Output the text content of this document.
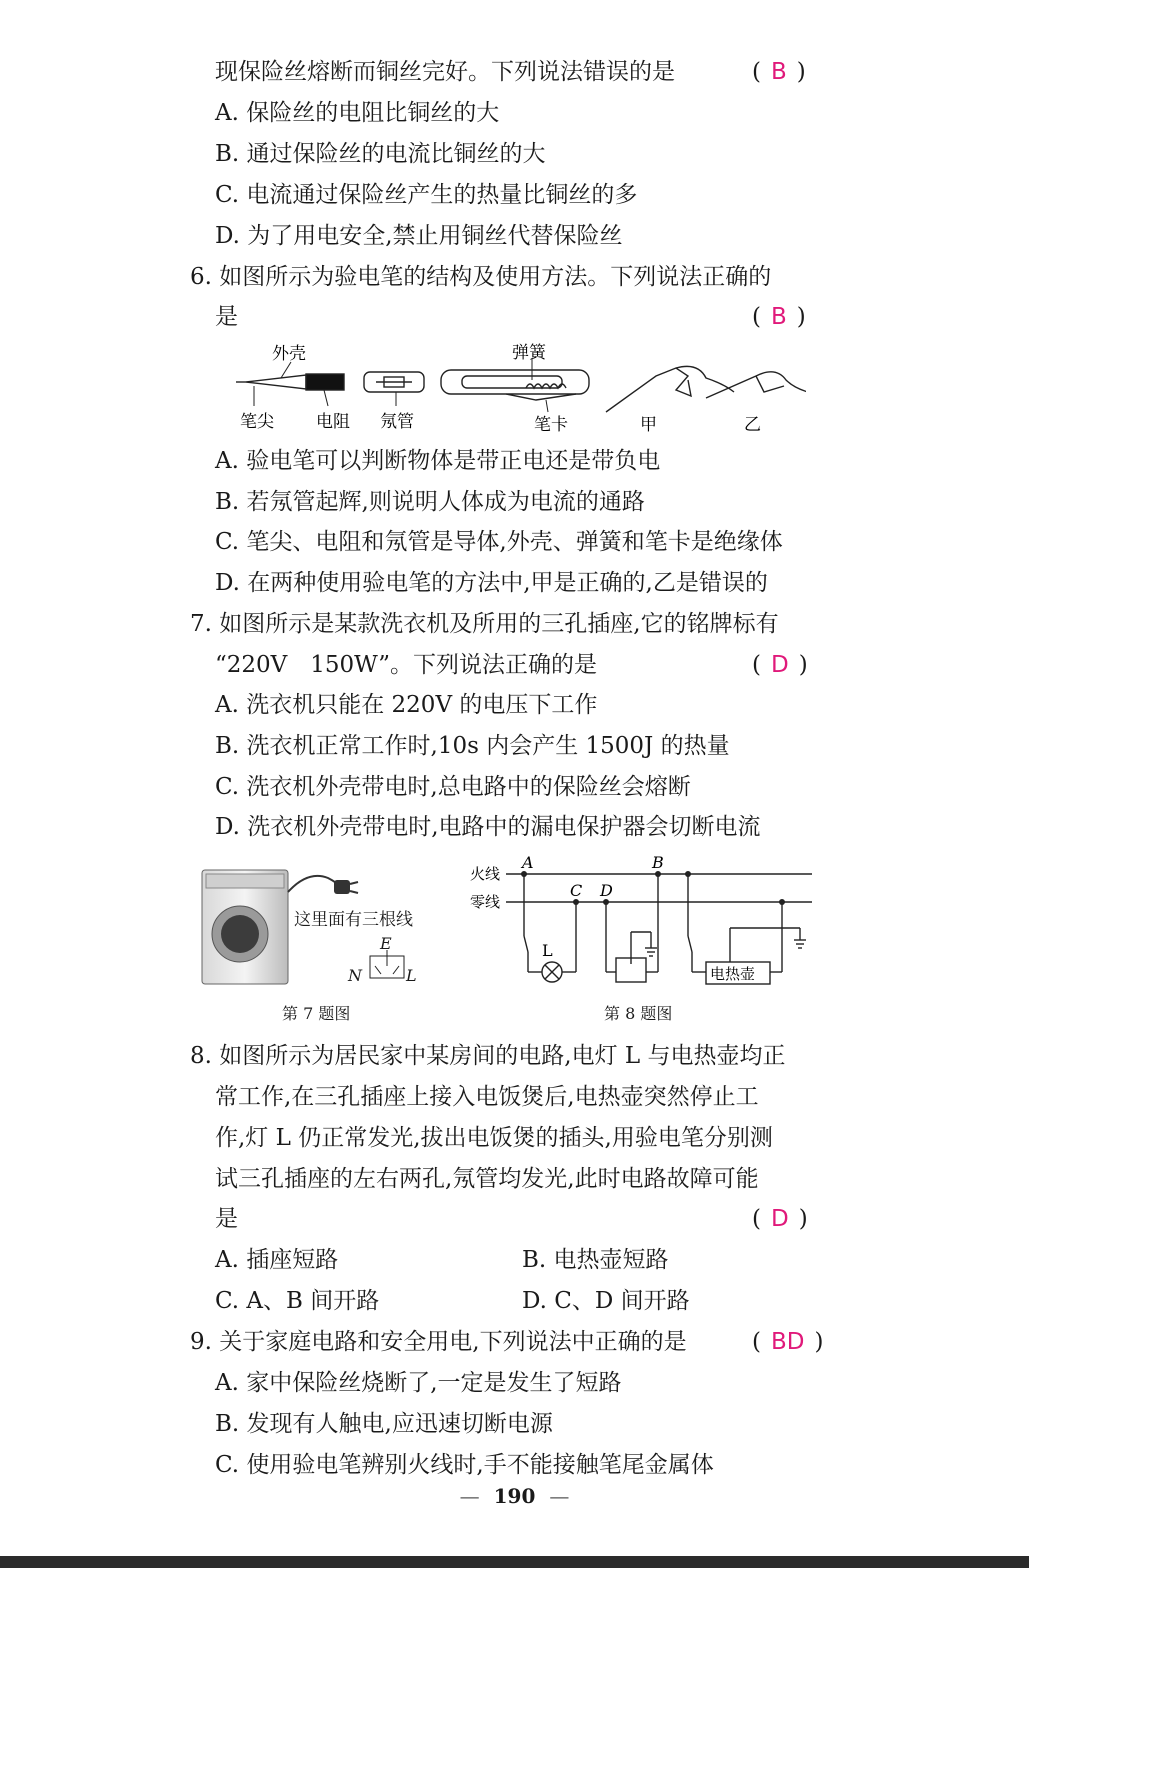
现保险丝熔断而铜丝完好。下列说法错误的是	( B )
A. 保险丝的电阻比铜丝的大
B. 通过保险丝的电流比铜丝的大
C. 电流通过保险丝产生的热量比铜丝的多
D. 为了用电安全,禁止用铜丝代替保险丝
6. 如图所示为验电笔的结构及使用方法。下列说法正确的
是	( B )
外壳	弹簧
笔尖 电阻 氖管	笔卡	甲	乙
A. 验电笔可以判断物体是带正电还是带负电
B. 若氖管起辉,则说明人体成为电流的通路
C. 笔尖、电阻和氖管是导体,外壳、弹簧和笔卡是绝缘体
D. 在两种使用验电笔的方法中,甲是正确的,乙是错误的
7. 如图所示是某款洗衣机及所用的三孔插座,它的铭牌标有
“220V　150W”。下列说法正确的是	( D )
A. 洗衣机只能在 220V 的电压下工作
B. 洗衣机正常工作时,10s 内会产生 1500J 的热量
C. 洗衣机外壳带电时,总电路中的保险丝会熔断
D. 洗衣机外壳带电时,电路中的漏电保护器会切断电流
这里面有三根线
E
N	L
第 7 题图
火线
零线
A	B
C D
L
电热壶
第 8 题图
8. 如图所示为居民家中某房间的电路,电灯 L 与电热壶均正
常工作,在三孔插座上接入电饭煲后,电热壶突然停止工
作,灯 L 仍正常发光,拔出电饭煲的插头,用验电笔分别测
试三孔插座的左右两孔,氖管均发光,此时电路故障可能
是	( D )
A. 插座短路	B. 电热壶短路
C. A、B 间开路	D. C、D 间开路
9. 关于家庭电路和安全用电,下列说法中正确的是	( BD )
A. 家中保险丝烧断了,一定是发生了短路
B. 发现有人触电,应迅速切断电源
C. 使用验电笔辨别火线时,手不能接触笔尾金属体
— 190 —
